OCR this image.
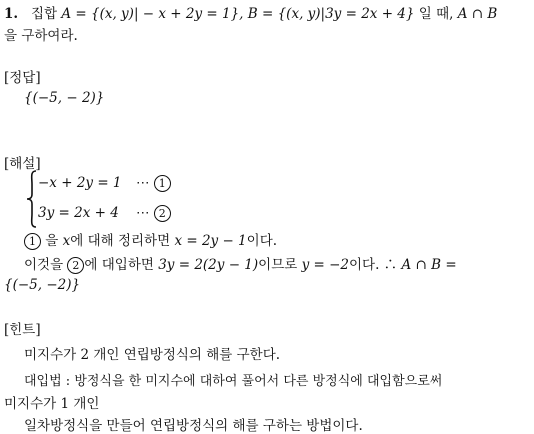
1. 집합 A = {(x, y)| − x + 2y = 1}, B = {(x, y)|3y = 2x + 4} 일 때, A ∩ B
을 구하여라.
[정답]
{(−5, − 2)}
[해설]
−x + 2y = 1 ⋯ 1
3y = 2x + 4 ⋯ 2
1 을 x에 대해 정리하면 x = 2y − 1이다.
이것을 2 에 대입하면 3y = 2(2y − 1)이므로 y = −2이다. ∴ A ∩ B =
{(−5, −2)}
[힌트]
미지수가 2 개인 연립방정식의 해를 구한다.
대입법 : 방정식을 한 미지수에 대하여 풀어서 다른 방정식에 대입함으로써
미지수가 1 개인
일차방정식을 만들어 연립방정식의 해를 구하는 방법이다.
